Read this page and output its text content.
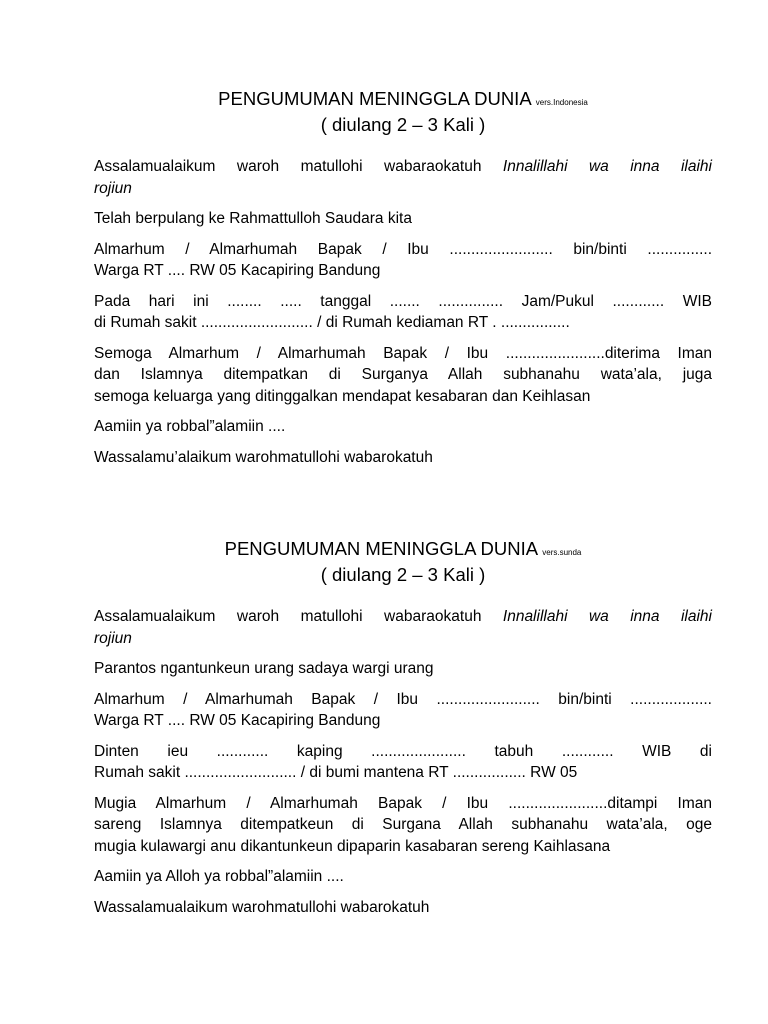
PENGUMUMAN MENINGGLA DUNIA vers.Indonesia

( diulang 2 – 3 Kali )

Assalamualaikum waroh matullohi wabaraokatuh Innalillahi wa inna ilaihi
rojiun

Telah berpulang ke Rahmattulloh Saudara kita

Almarhum / Almarhumah Bapak / Ibu ........................ bin/binti ...............
Warga RT .... RW 05 Kacapiring Bandung

Pada hari ini ........ ..... tanggal ....... ............... Jam/Pukul ............ WIB
di Rumah sakit .......................... / di Rumah kediaman RT . ................

Semoga Almarhum / Almarhumah Bapak / Ibu .......................diterima Iman
dan Islamnya ditempatkan di Surganya Allah subhanahu wata’ala, juga
semoga keluarga yang ditinggalkan mendapat kesabaran dan Keihlasan

Aamiin ya robbal”alamiin ....

Wassalamu’alaikum warohmatullohi wabarokatuh

PENGUMUMAN MENINGGLA DUNIA vers.sunda

( diulang 2 – 3 Kali )

Assalamualaikum waroh matullohi wabaraokatuh Innalillahi wa inna ilaihi
rojiun

Parantos ngantunkeun urang sadaya wargi urang

Almarhum / Almarhumah Bapak / Ibu ........................ bin/binti ...................
Warga RT .... RW 05 Kacapiring Bandung

Dinten ieu ............ kaping ...................... tabuh ............ WIB di
Rumah sakit .......................... / di bumi mantena RT ................. RW 05

Mugia Almarhum / Almarhumah Bapak / Ibu .......................ditampi Iman
sareng Islamnya ditempatkeun di Surgana Allah subhanahu wata’ala, oge
mugia kulawargi anu dikantunkeun dipaparin kasabaran sereng Kaihlasana

Aamiin ya Alloh ya robbal”alamiin ....

Wassalamualaikum warohmatullohi wabarokatuh
